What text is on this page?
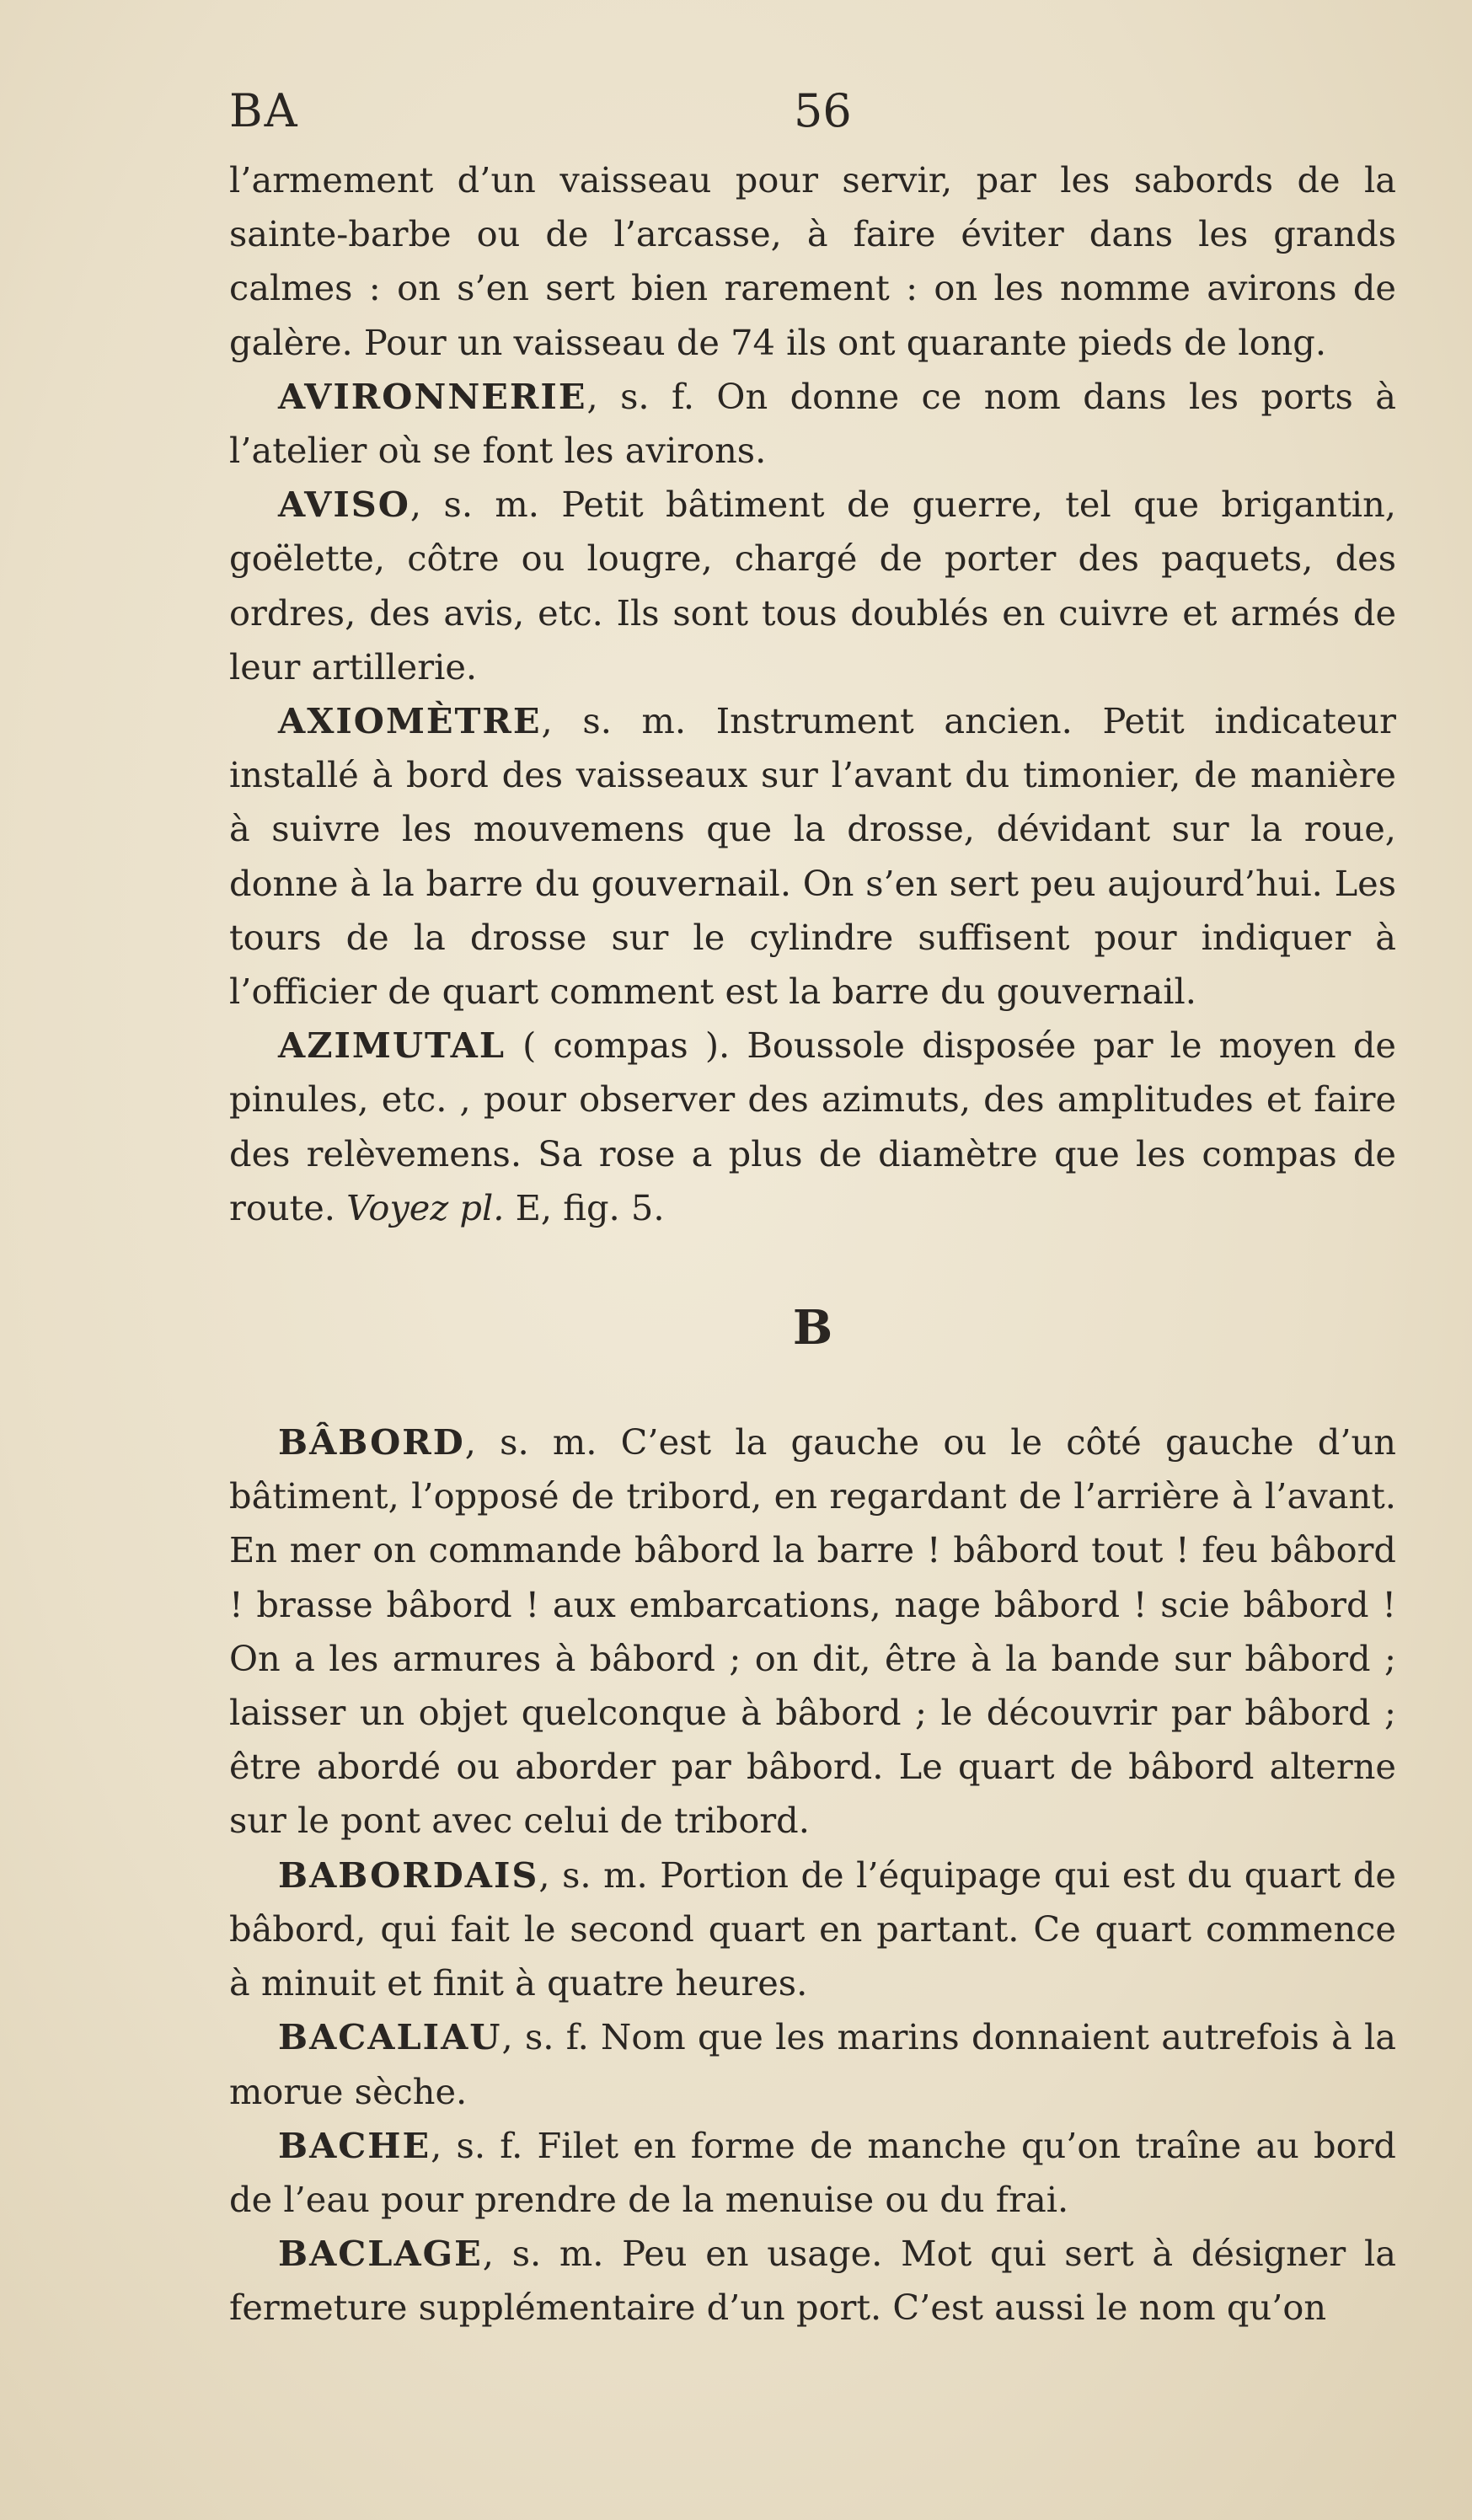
BA	56

l’armement d’un vaisseau pour servir, par les sabords de la sainte-barbe ou de l’arcasse, à faire éviter dans les grands calmes : on s’en sert bien rarement : on les nomme avirons de galère. Pour un vaisseau de 74 ils ont quarante pieds de long.

AVIRONNERIE, s. f. On donne ce nom dans les ports à l’atelier où se font les avirons.

AVISO, s. m. Petit bâtiment de guerre, tel que brigantin, goëlette, côtre ou lougre, chargé de porter des paquets, des ordres, des avis, etc. Ils sont tous doublés en cuivre et armés de leur artillerie.

AXIOMÈTRE, s. m. Instrument ancien. Petit indicateur installé à bord des vaisseaux sur l’avant du timonier, de manière à suivre les mouvemens que la drosse, dévidant sur la roue, donne à la barre du gouvernail. On s’en sert peu aujourd’hui. Les tours de la drosse sur le cylindre suffisent pour indiquer à l’officier de quart comment est la barre du gouvernail.

AZIMUTAL ( compas ). Boussole disposée par le moyen de pinules, etc. , pour observer des azimuts, des amplitudes et faire des relèvemens. Sa rose a plus de diamètre que les compas de route. Voyez pl. E, fig. 5.

B

BÂBORD, s. m. C’est la gauche ou le côté gauche d’un bâtiment, l’opposé de tribord, en regardant de l’arrière à l’avant. En mer on commande bâbord la barre ! bâbord tout ! feu bâbord ! brasse bâbord ! aux embarcations, nage bâbord ! scie bâbord ! On a les armures à bâbord ; on dit, être à la bande sur bâbord ; laisser un objet quelconque à bâbord ; le découvrir par bâbord ; être abordé ou aborder par bâbord. Le quart de bâbord alterne sur le pont avec celui de tribord.

BABORDAIS, s. m. Portion de l’équipage qui est du quart de bâbord, qui fait le second quart en partant. Ce quart commence à minuit et finit à quatre heures.

BACALIAU, s. f. Nom que les marins donnaient autrefois à la morue sèche.

BACHE, s. f. Filet en forme de manche qu’on traîne au bord de l’eau pour prendre de la menuise ou du frai.

BACLAGE, s. m. Peu en usage. Mot qui sert à désigner la fermeture supplémentaire d’un port. C’est aussi le nom qu’on
